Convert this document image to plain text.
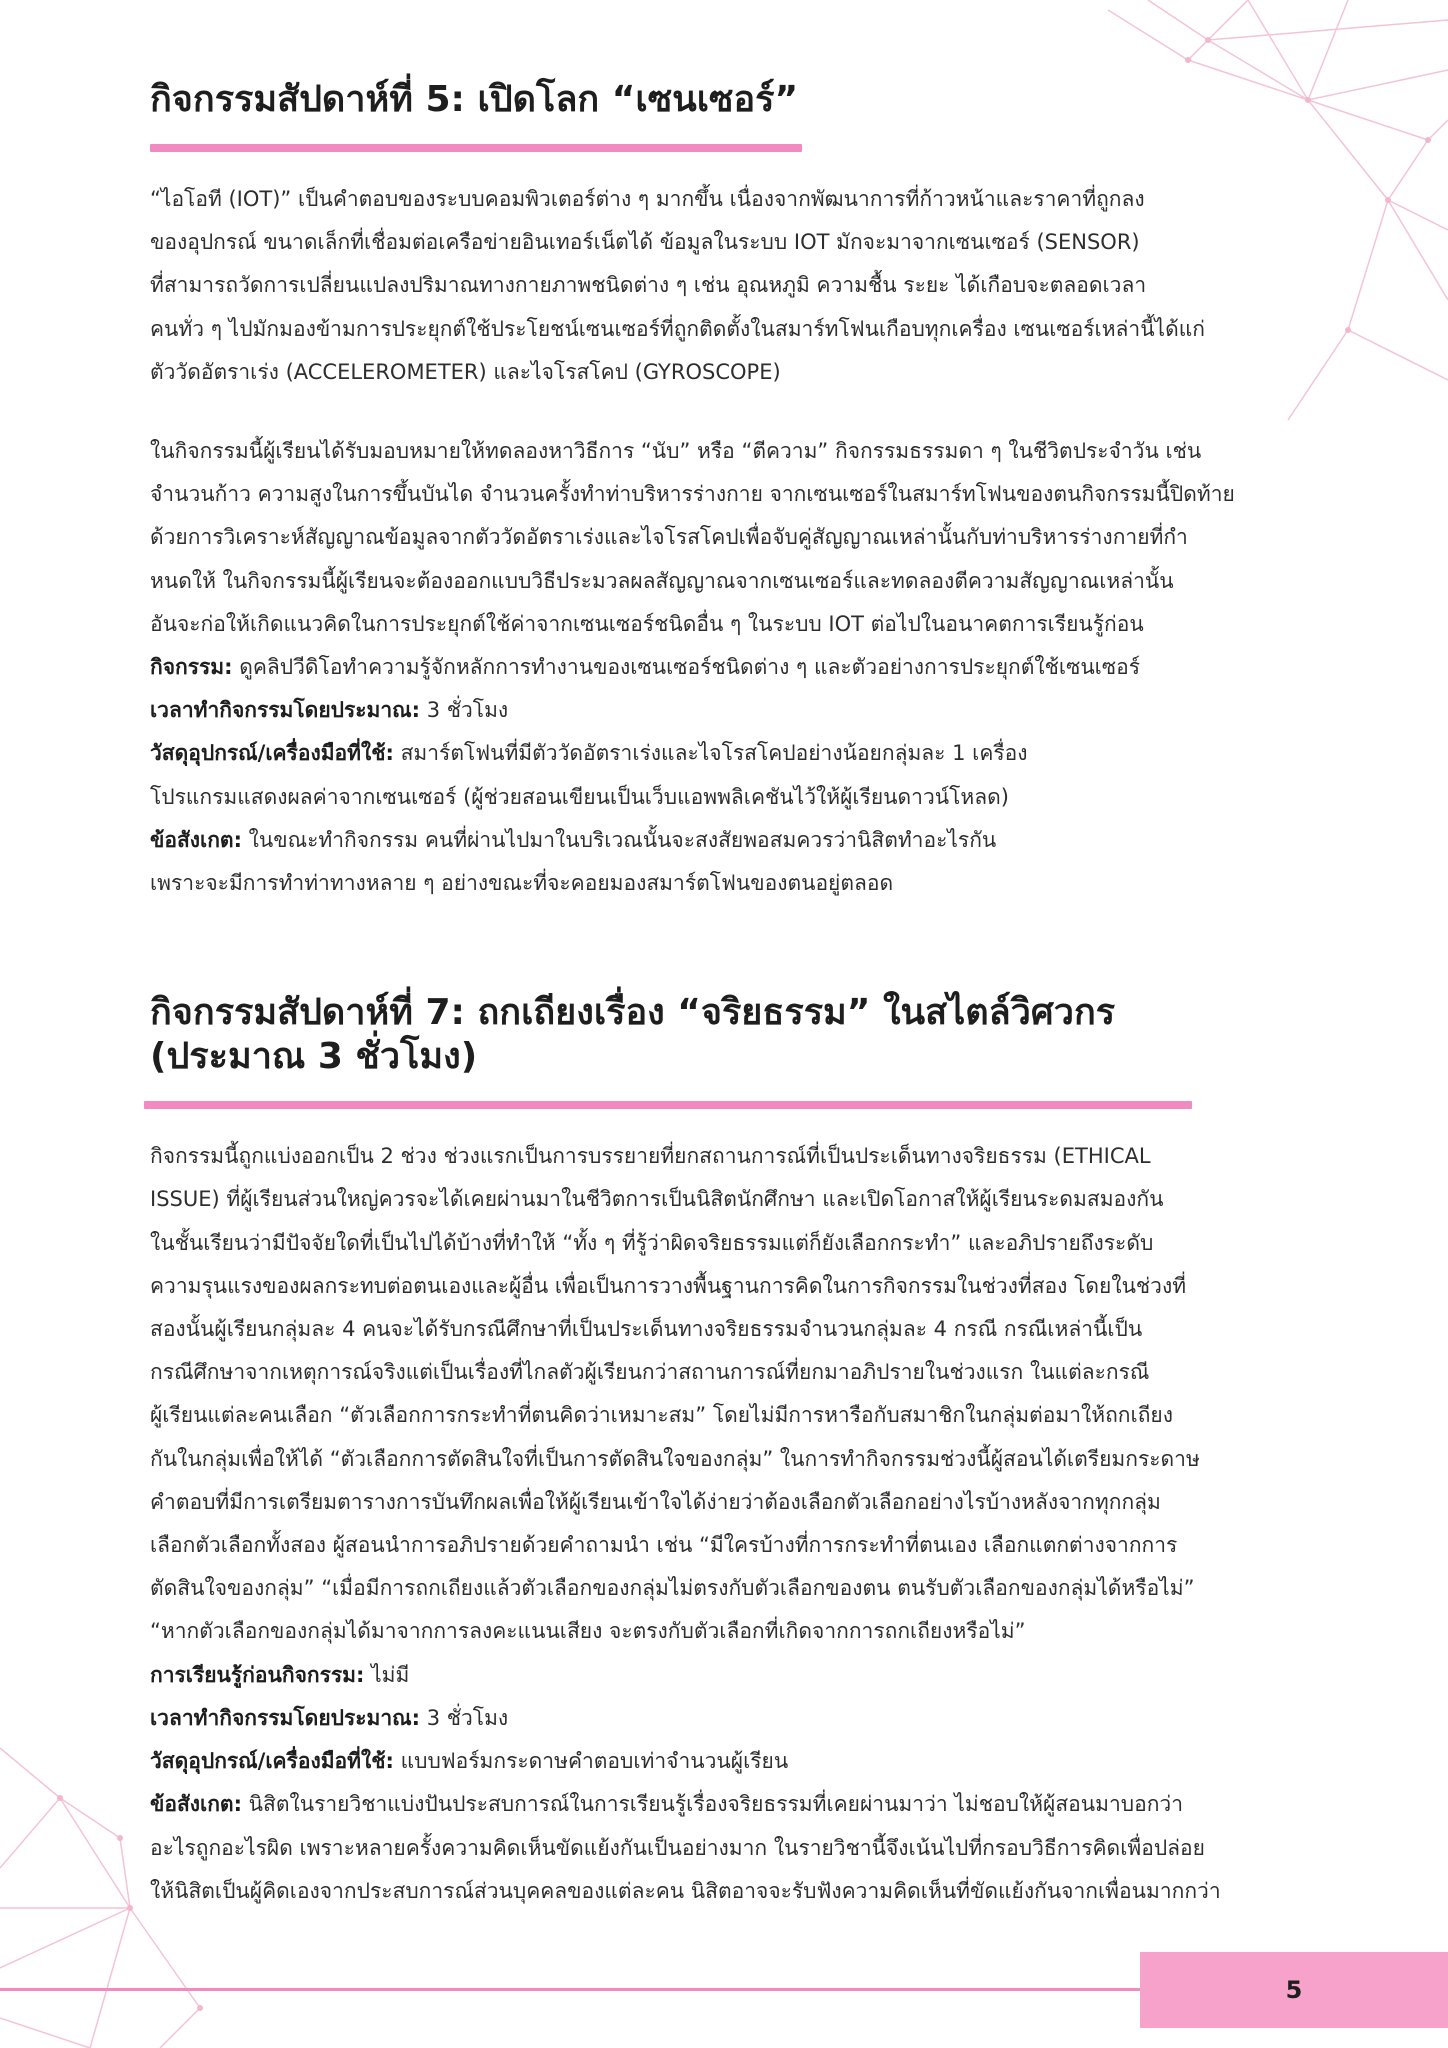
กิจกรรมสัปดาห์ที่ 5: เปิดโลก “เซนเซอร์”

“ไอโอที (IOT)” เป็นคำตอบของระบบคอมพิวเตอร์ต่าง ๆ มากขึ้น เนื่องจากพัฒนาการที่ก้าวหน้าและราคาที่ถูกลง
ของอุปกรณ์ ขนาดเล็กที่เชื่อมต่อเครือข่ายอินเทอร์เน็ตได้ ข้อมูลในระบบ IOT มักจะมาจากเซนเซอร์ (SENSOR)
ที่สามารถวัดการเปลี่ยนแปลงปริมาณทางกายภาพชนิดต่าง ๆ เช่น อุณหภูมิ ความชื้น ระยะ ได้เกือบจะตลอดเวลา
คนทั่ว ๆ ไปมักมองข้ามการประยุกต์ใช้ประโยชน์เซนเซอร์ที่ถูกติดตั้งในสมาร์ทโฟนเกือบทุกเครื่อง เซนเซอร์เหล่านี้ได้แก่
ตัววัดอัตราเร่ง (ACCELEROMETER) และไจโรสโคป (GYROSCOPE)

ในกิจกรรมนี้ผู้เรียนได้รับมอบหมายให้ทดลองหาวิธีการ “นับ” หรือ “ตีความ” กิจกรรมธรรมดา ๆ ในชีวิตประจำวัน เช่น
จำนวนก้าว ความสูงในการขึ้นบันได จำนวนครั้งทำท่าบริหารร่างกาย จากเซนเซอร์ในสมาร์ทโฟนของตนกิจกรรมนี้ปิดท้าย
ด้วยการวิเคราะห์สัญญาณข้อมูลจากตัววัดอัตราเร่งและไจโรสโคปเพื่อจับคู่สัญญาณเหล่านั้นกับท่าบริหารร่างกายที่กำ
หนดให้ ในกิจกรรมนี้ผู้เรียนจะต้องออกแบบวิธีประมวลผลสัญญาณจากเซนเซอร์และทดลองตีความสัญญาณเหล่านั้น
อันจะก่อให้เกิดแนวคิดในการประยุกต์ใช้ค่าจากเซนเซอร์ชนิดอื่น ๆ ในระบบ IOT ต่อไปในอนาคตการเรียนรู้ก่อน

กิจกรรม: ดูคลิปวีดิโอทำความรู้จักหลักการทำงานของเซนเซอร์ชนิดต่าง ๆ และตัวอย่างการประยุกต์ใช้เซนเซอร์

เวลาทำกิจกรรมโดยประมาณ: 3 ชั่วโมง

วัสดุอุปกรณ์/เครื่องมือที่ใช้: สมาร์ตโฟนที่มีตัววัดอัตราเร่งและไจโรสโคปอย่างน้อยกลุ่มละ 1 เครื่อง
โปรแกรมแสดงผลค่าจากเซนเซอร์ (ผู้ช่วยสอนเขียนเป็นเว็บแอพพลิเคชันไว้ให้ผู้เรียนดาวน์โหลด)

ข้อสังเกต: ในขณะทำกิจกรรม คนที่ผ่านไปมาในบริเวณนั้นจะสงสัยพอสมควรว่านิสิตทำอะไรกัน
เพราะจะมีการทำท่าทางหลาย ๆ อย่างขณะที่จะคอยมองสมาร์ตโฟนของตนอยู่ตลอด

กิจกรรมสัปดาห์ที่ 7: ถกเถียงเรื่อง “จริยธรรม” ในสไตล์วิศวกร
(ประมาณ 3 ชั่วโมง)

กิจกรรมนี้ถูกแบ่งออกเป็น 2 ช่วง ช่วงแรกเป็นการบรรยายที่ยกสถานการณ์ที่เป็นประเด็นทางจริยธรรม (ETHICAL
ISSUE) ที่ผู้เรียนส่วนใหญ่ควรจะได้เคยผ่านมาในชีวิตการเป็นนิสิตนักศึกษา และเปิดโอกาสให้ผู้เรียนระดมสมองกัน
ในชั้นเรียนว่ามีปัจจัยใดที่เป็นไปได้บ้างที่ทำให้ “ทั้ง ๆ ที่รู้ว่าผิดจริยธรรมแต่ก็ยังเลือกกระทำ” และอภิปรายถึงระดับ
ความรุนแรงของผลกระทบต่อตนเองและผู้อื่น เพื่อเป็นการวางพื้นฐานการคิดในการกิจกรรมในช่วงที่สอง โดยในช่วงที่
สองนั้นผู้เรียนกลุ่มละ 4 คนจะได้รับกรณีศึกษาที่เป็นประเด็นทางจริยธรรมจำนวนกลุ่มละ 4 กรณี กรณีเหล่านี้เป็น
กรณีศึกษาจากเหตุการณ์จริงแต่เป็นเรื่องที่ไกลตัวผู้เรียนกว่าสถานการณ์ที่ยกมาอภิปรายในช่วงแรก ในแต่ละกรณี
ผู้เรียนแต่ละคนเลือก “ตัวเลือกการกระทำที่ตนคิดว่าเหมาะสม” โดยไม่มีการหารือกับสมาชิกในกลุ่มต่อมาให้ถกเถียง
กันในกลุ่มเพื่อให้ได้ “ตัวเลือกการตัดสินใจที่เป็นการตัดสินใจของกลุ่ม” ในการทำกิจกรรมช่วงนี้ผู้สอนได้เตรียมกระดาษ
คำตอบที่มีการเตรียมตารางการบันทึกผลเพื่อให้ผู้เรียนเข้าใจได้ง่ายว่าต้องเลือกตัวเลือกอย่างไรบ้างหลังจากทุกกลุ่ม
เลือกตัวเลือกทั้งสอง ผู้สอนนำการอภิปรายด้วยคำถามนำ เช่น “มีใครบ้างที่การกระทำที่ตนเอง เลือกแตกต่างจากการ
ตัดสินใจของกลุ่ม” “เมื่อมีการถกเถียงแล้วตัวเลือกของกลุ่มไม่ตรงกับตัวเลือกของตน ตนรับตัวเลือกของกลุ่มได้หรือไม่”
“หากตัวเลือกของกลุ่มได้มาจากการลงคะแนนเสียง จะตรงกับตัวเลือกที่เกิดจากการถกเถียงหรือไม่”

การเรียนรู้ก่อนกิจกรรม: ไม่มี

เวลาทำกิจกรรมโดยประมาณ: 3 ชั่วโมง

วัสดุอุปกรณ์/เครื่องมือที่ใช้: แบบฟอร์มกระดาษคำตอบเท่าจำนวนผู้เรียน

ข้อสังเกต: นิสิตในรายวิชาแบ่งปันประสบการณ์ในการเรียนรู้เรื่องจริยธรรมที่เคยผ่านมาว่า ไม่ชอบให้ผู้สอนมาบอกว่า
อะไรถูกอะไรผิด เพราะหลายครั้งความคิดเห็นขัดแย้งกันเป็นอย่างมาก ในรายวิชานี้จึงเน้นไปที่กรอบวิธีการคิดเพื่อปล่อย
ให้นิสิตเป็นผู้คิดเองจากประสบการณ์ส่วนบุคคลของแต่ละคน นิสิตอาจจะรับฟังความคิดเห็นที่ขัดแย้งกันจากเพื่อนมากกว่า

5
